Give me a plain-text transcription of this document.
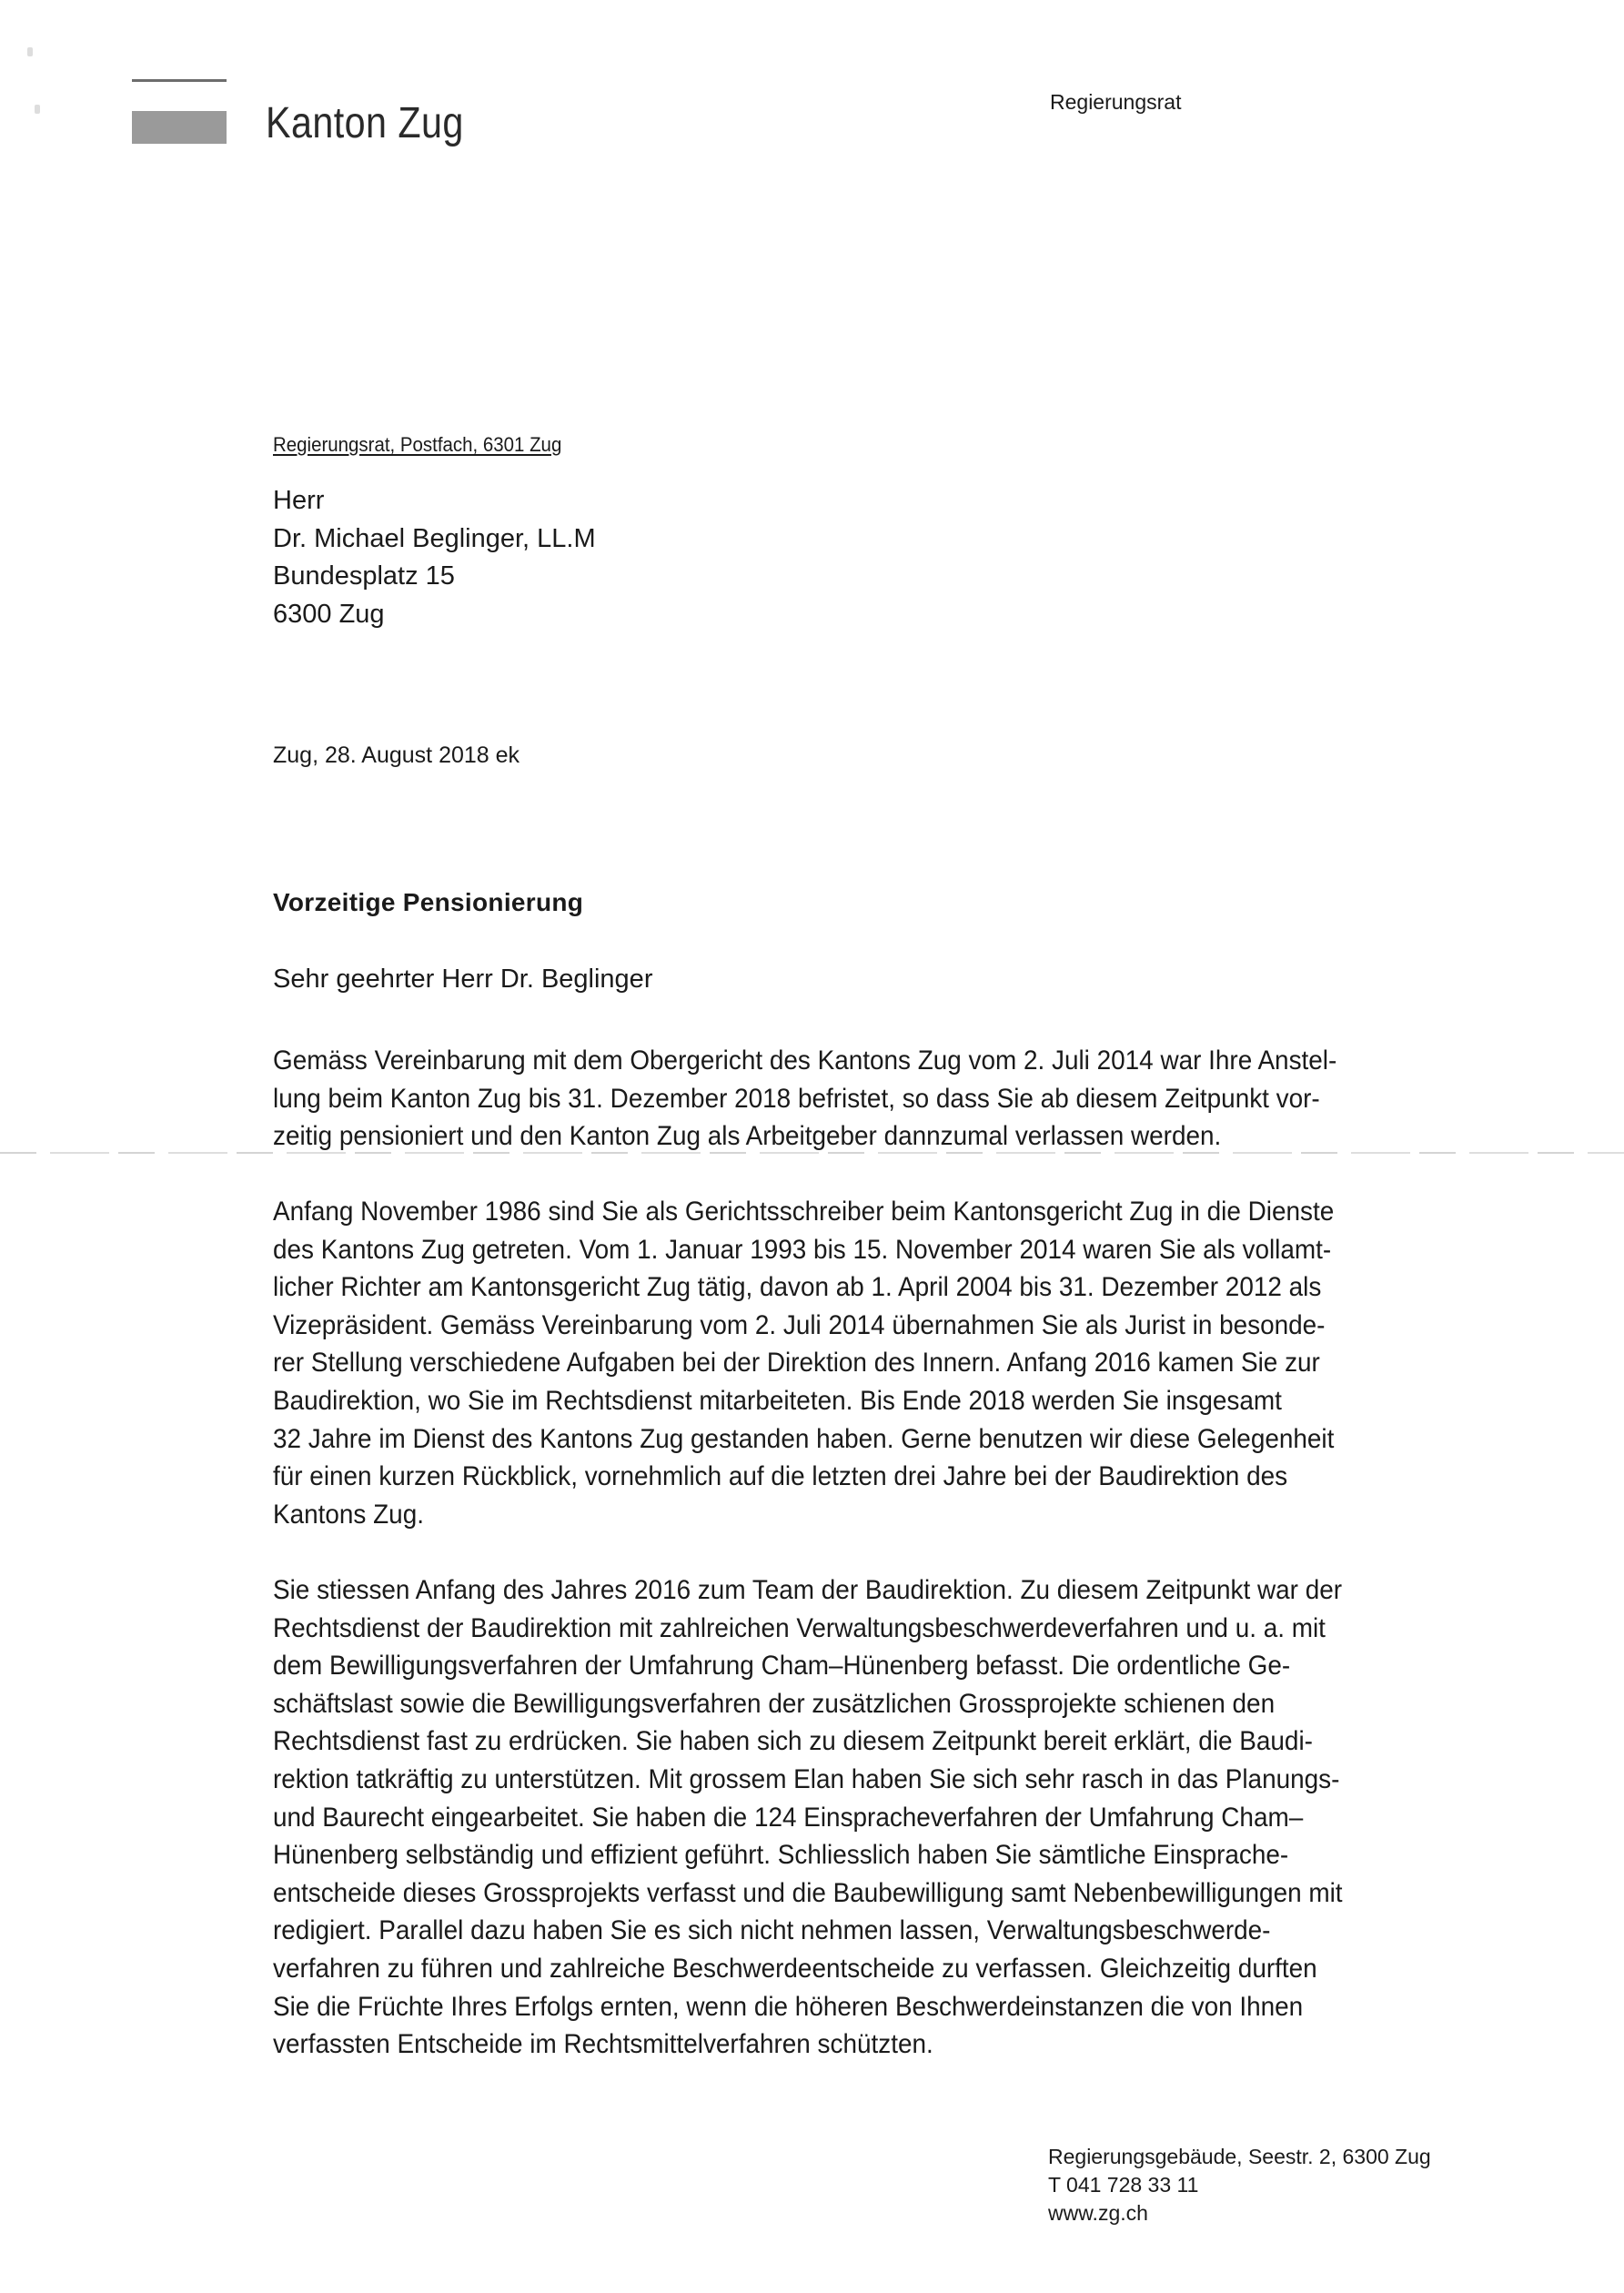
Kanton Zug	Regierungsrat
Regierungsrat, Postfach, 6301 Zug
Herr
Dr. Michael Beglinger, LL.M
Bundesplatz 15
6300 Zug
Zug, 28. August 2018 ek
Vorzeitige Pensionierung
Sehr geehrter Herr Dr. Beglinger
Gemäss Vereinbarung mit dem Obergericht des Kantons Zug vom 2. Juli 2014 war Ihre Anstel-
lung beim Kanton Zug bis 31. Dezember 2018 befristet, so dass Sie ab diesem Zeitpunkt vor-
zeitig pensioniert und den Kanton Zug als Arbeitgeber dannzumal verlassen werden.
Anfang November 1986 sind Sie als Gerichtsschreiber beim Kantonsgericht Zug in die Dienste
des Kantons Zug getreten. Vom 1. Januar 1993 bis 15. November 2014 waren Sie als vollamt-
licher Richter am Kantonsgericht Zug tätig, davon ab 1. April 2004 bis 31. Dezember 2012 als
Vizepräsident. Gemäss Vereinbarung vom 2. Juli 2014 übernahmen Sie als Jurist in besonde-
rer Stellung verschiedene Aufgaben bei der Direktion des Innern. Anfang 2016 kamen Sie zur
Baudirektion, wo Sie im Rechtsdienst mitarbeiteten. Bis Ende 2018 werden Sie insgesamt
32 Jahre im Dienst des Kantons Zug gestanden haben. Gerne benutzen wir diese Gelegenheit
für einen kurzen Rückblick, vornehmlich auf die letzten drei Jahre bei der Baudirektion des
Kantons Zug.
Sie stiessen Anfang des Jahres 2016 zum Team der Baudirektion. Zu diesem Zeitpunkt war der
Rechtsdienst der Baudirektion mit zahlreichen Verwaltungsbeschwerdeverfahren und u. a. mit
dem Bewilligungsverfahren der Umfahrung Cham–Hünenberg befasst. Die ordentliche Ge-
schäftslast sowie die Bewilligungsverfahren der zusätzlichen Grossprojekte schienen den
Rechtsdienst fast zu erdrücken. Sie haben sich zu diesem Zeitpunkt bereit erklärt, die Baudi-
rektion tatkräftig zu unterstützen. Mit grossem Elan haben Sie sich sehr rasch in das Planungs-
und Baurecht eingearbeitet. Sie haben die 124 Einspracheverfahren der Umfahrung Cham–
Hünenberg selbständig und effizient geführt. Schliesslich haben Sie sämtliche Einsprache-
entscheide dieses Grossprojekts verfasst und die Baubewilligung samt Nebenbewilligungen mit
redigiert. Parallel dazu haben Sie es sich nicht nehmen lassen, Verwaltungsbeschwerde-
verfahren zu führen und zahlreiche Beschwerdeentscheide zu verfassen. Gleichzeitig durften
Sie die Früchte Ihres Erfolgs ernten, wenn die höheren Beschwerdeinstanzen die von Ihnen
verfassten Entscheide im Rechtsmittelverfahren schützten.
Regierungsgebäude, Seestr. 2, 6300 Zug
T 041 728 33 11
www.zg.ch
